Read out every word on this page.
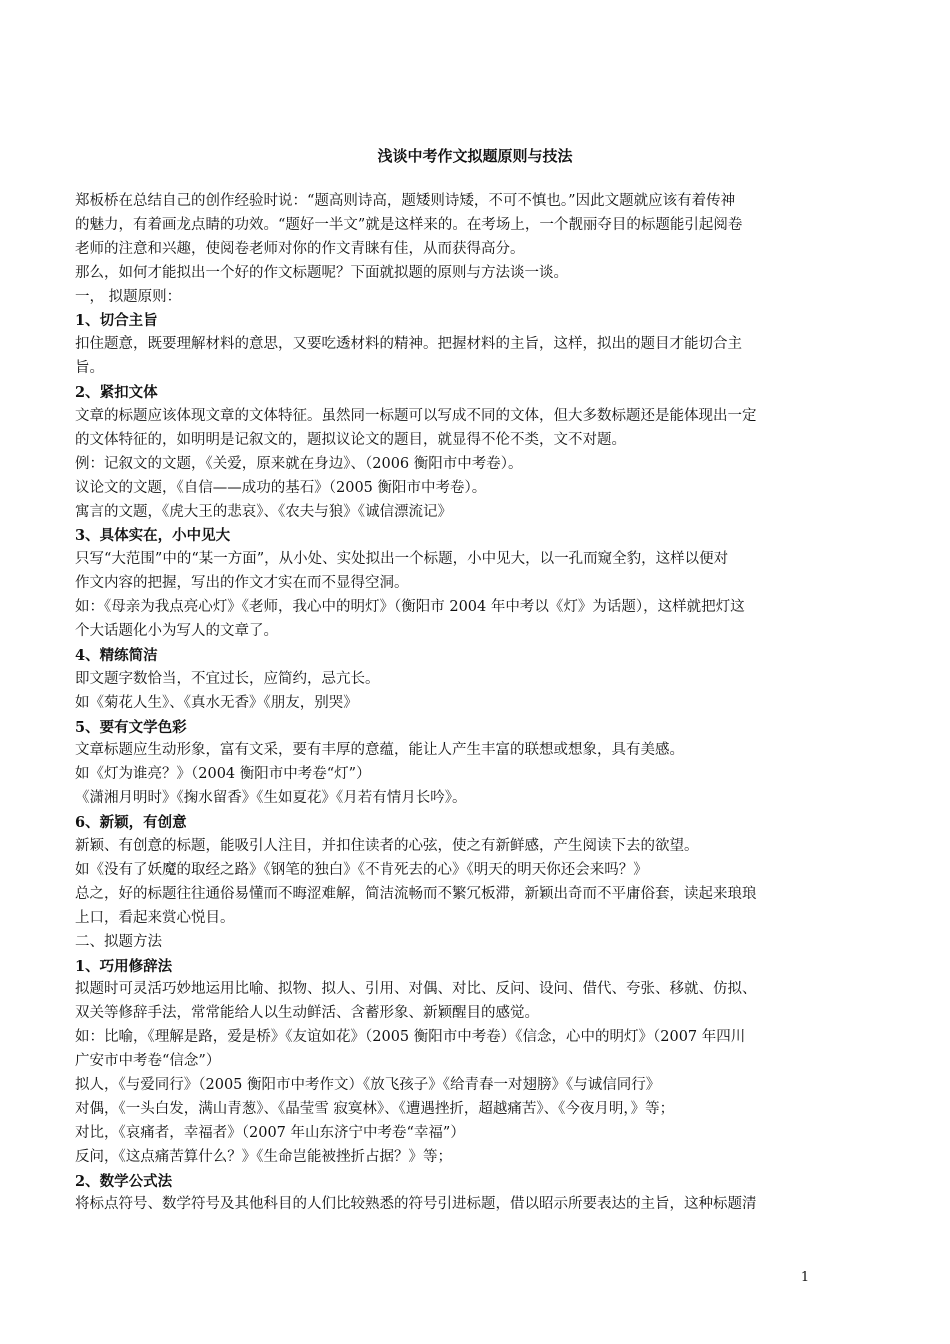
浅谈中考作文拟题原则与技法
郑板桥在总结自己的创作经验时说：“题高则诗高，题矮则诗矮，不可不慎也。”因此文题就应该有着传神
的魅力，有着画龙点睛的功效。“题好一半文”就是这样来的。在考场上，一个靓丽夺目的标题能引起阅卷
老师的注意和兴趣，使阅卷老师对你的作文青睐有佳，从而获得高分。
那么，如何才能拟出一个好的作文标题呢？下面就拟题的原则与方法谈一谈。
一， 拟题原则：
1、切合主旨
扣住题意，既要理解材料的意思，又要吃透材料的精神。把握材料的主旨，这样，拟出的题目才能切合主
旨。
2、紧扣文体
文章的标题应该体现文章的文体特征。虽然同一标题可以写成不同的文体，但大多数标题还是能体现出一定
的文体特征的，如明明是记叙文的，题拟议论文的题目，就显得不伦不类，文不对题。
例：记叙文的文题，《关爱，原来就在身边》、（2006 衡阳市中考卷）。
议论文的文题，《自信——成功的基石》（2005 衡阳市中考卷）。
寓言的文题，《虎大王的悲哀》、《农夫与狼》《诚信漂流记》
3、具体实在，小中见大
只写“大范围”中的“某一方面”，从小处、实处拟出一个标题，小中见大，以一孔而窥全豹，这样以便对
作文内容的把握，写出的作文才实在而不显得空洞。
如：《母亲为我点亮心灯》《老师，我心中的明灯》（衡阳市 2004 年中考以《灯》为话题），这样就把灯这
个大话题化小为写人的文章了。
4、精练简洁
即文题字数恰当，不宜过长，应简约，忌亢长。
如《菊花人生》、《真水无香》《朋友，别哭》
5、要有文学色彩
文章标题应生动形象，富有文采，要有丰厚的意蕴，能让人产生丰富的联想或想象，具有美感。
如《灯为谁亮？》（2004 衡阳市中考卷“灯”）
《潇湘月明时》《掬水留香》《生如夏花》《月若有情月长吟》。
6、新颖，有创意
新颖、有创意的标题，能吸引人注目，并扣住读者的心弦，使之有新鲜感，产生阅读下去的欲望。
如《没有了妖魔的取经之路》《钢笔的独白》《不肯死去的心》《明天的明天你还会来吗？》
总之，好的标题往往通俗易懂而不晦涩难解，简洁流畅而不繁冗板滞，新颖出奇而不平庸俗套，读起来琅琅
上口，看起来赏心悦目。
二、拟题方法
1、巧用修辞法
拟题时可灵活巧妙地运用比喻、拟物、拟人、引用、对偶、对比、反问、设问、借代、夸张、移就、仿拟、
双关等修辞手法，常常能给人以生动鲜活、含蓄形象、新颖醒目的感觉。
如：比喻，《理解是路，爱是桥》《友谊如花》（2005 衡阳市中考卷）《信念，心中的明灯》（2007 年四川
广安市中考卷“信念”）
拟人，《与爱同行》（2005 衡阳市中考作文）《放飞孩子》《给青春一对翅膀》《与诚信同行》
对偶，《一头白发，满山青葱》、《晶莹雪 寂寞林》、《遭遇挫折，超越痛苦》、《今夜月明，》等；
对比，《哀痛者，幸福者》（2007 年山东济宁中考卷“幸福”）
反问，《这点痛苦算什么？》《生命岂能被挫折占据？》等；
2、数学公式法
将标点符号、数学符号及其他科目的人们比较熟悉的符号引进标题，借以昭示所要表达的主旨，这种标题清
1
